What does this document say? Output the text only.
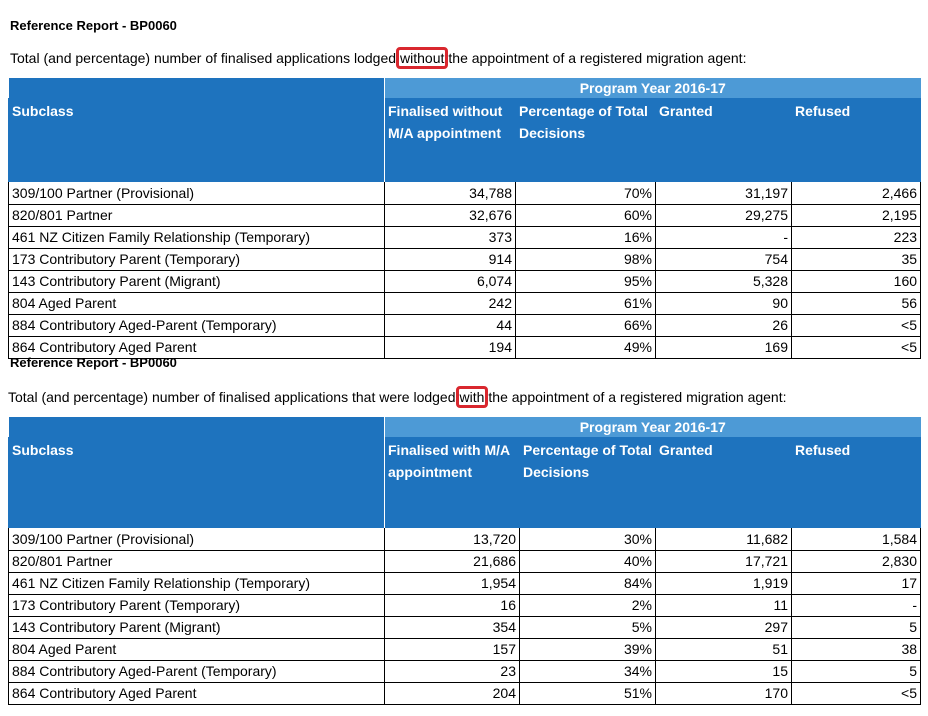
Reference Report - BP0060
Total (and percentage) number of finalised applications lodged without the appointment of a registered migration agent:
	Program Year 2016-17			
Subclass	Finalised without M/A appointment	Percentage of Total Decisions	Granted	Refused
309/100 Partner (Provisional)	34,788	70%	31,197	2,466
820/801 Partner	32,676	60%	29,275	2,195
461 NZ Citizen Family Relationship (Temporary)	373	16%	-	223
173 Contributory Parent (Temporary)	914	98%	754	35
143 Contributory Parent (Migrant)	6,074	95%	5,328	160
804 Aged Parent	242	61%	90	56
884 Contributory Aged-Parent (Temporary)	44	66%	26	<5
864 Contributory Aged Parent	194	49%	169	<5
Reference Report - BP0060
Total (and percentage) number of finalised applications that were lodged with the appointment of a registered migration agent:
	Program Year 2016-17			
Subclass	Finalised with M/A appointment	Percentage of Total Decisions	Granted	Refused
309/100 Partner (Provisional)	13,720	30%	11,682	1,584
820/801 Partner	21,686	40%	17,721	2,830
461 NZ Citizen Family Relationship (Temporary)	1,954	84%	1,919	17
173 Contributory Parent (Temporary)	16	2%	11	-
143 Contributory Parent (Migrant)	354	5%	297	5
804 Aged Parent	157	39%	51	38
884 Contributory Aged-Parent (Temporary)	23	34%	15	5
864 Contributory Aged Parent	204	51%	170	<5
